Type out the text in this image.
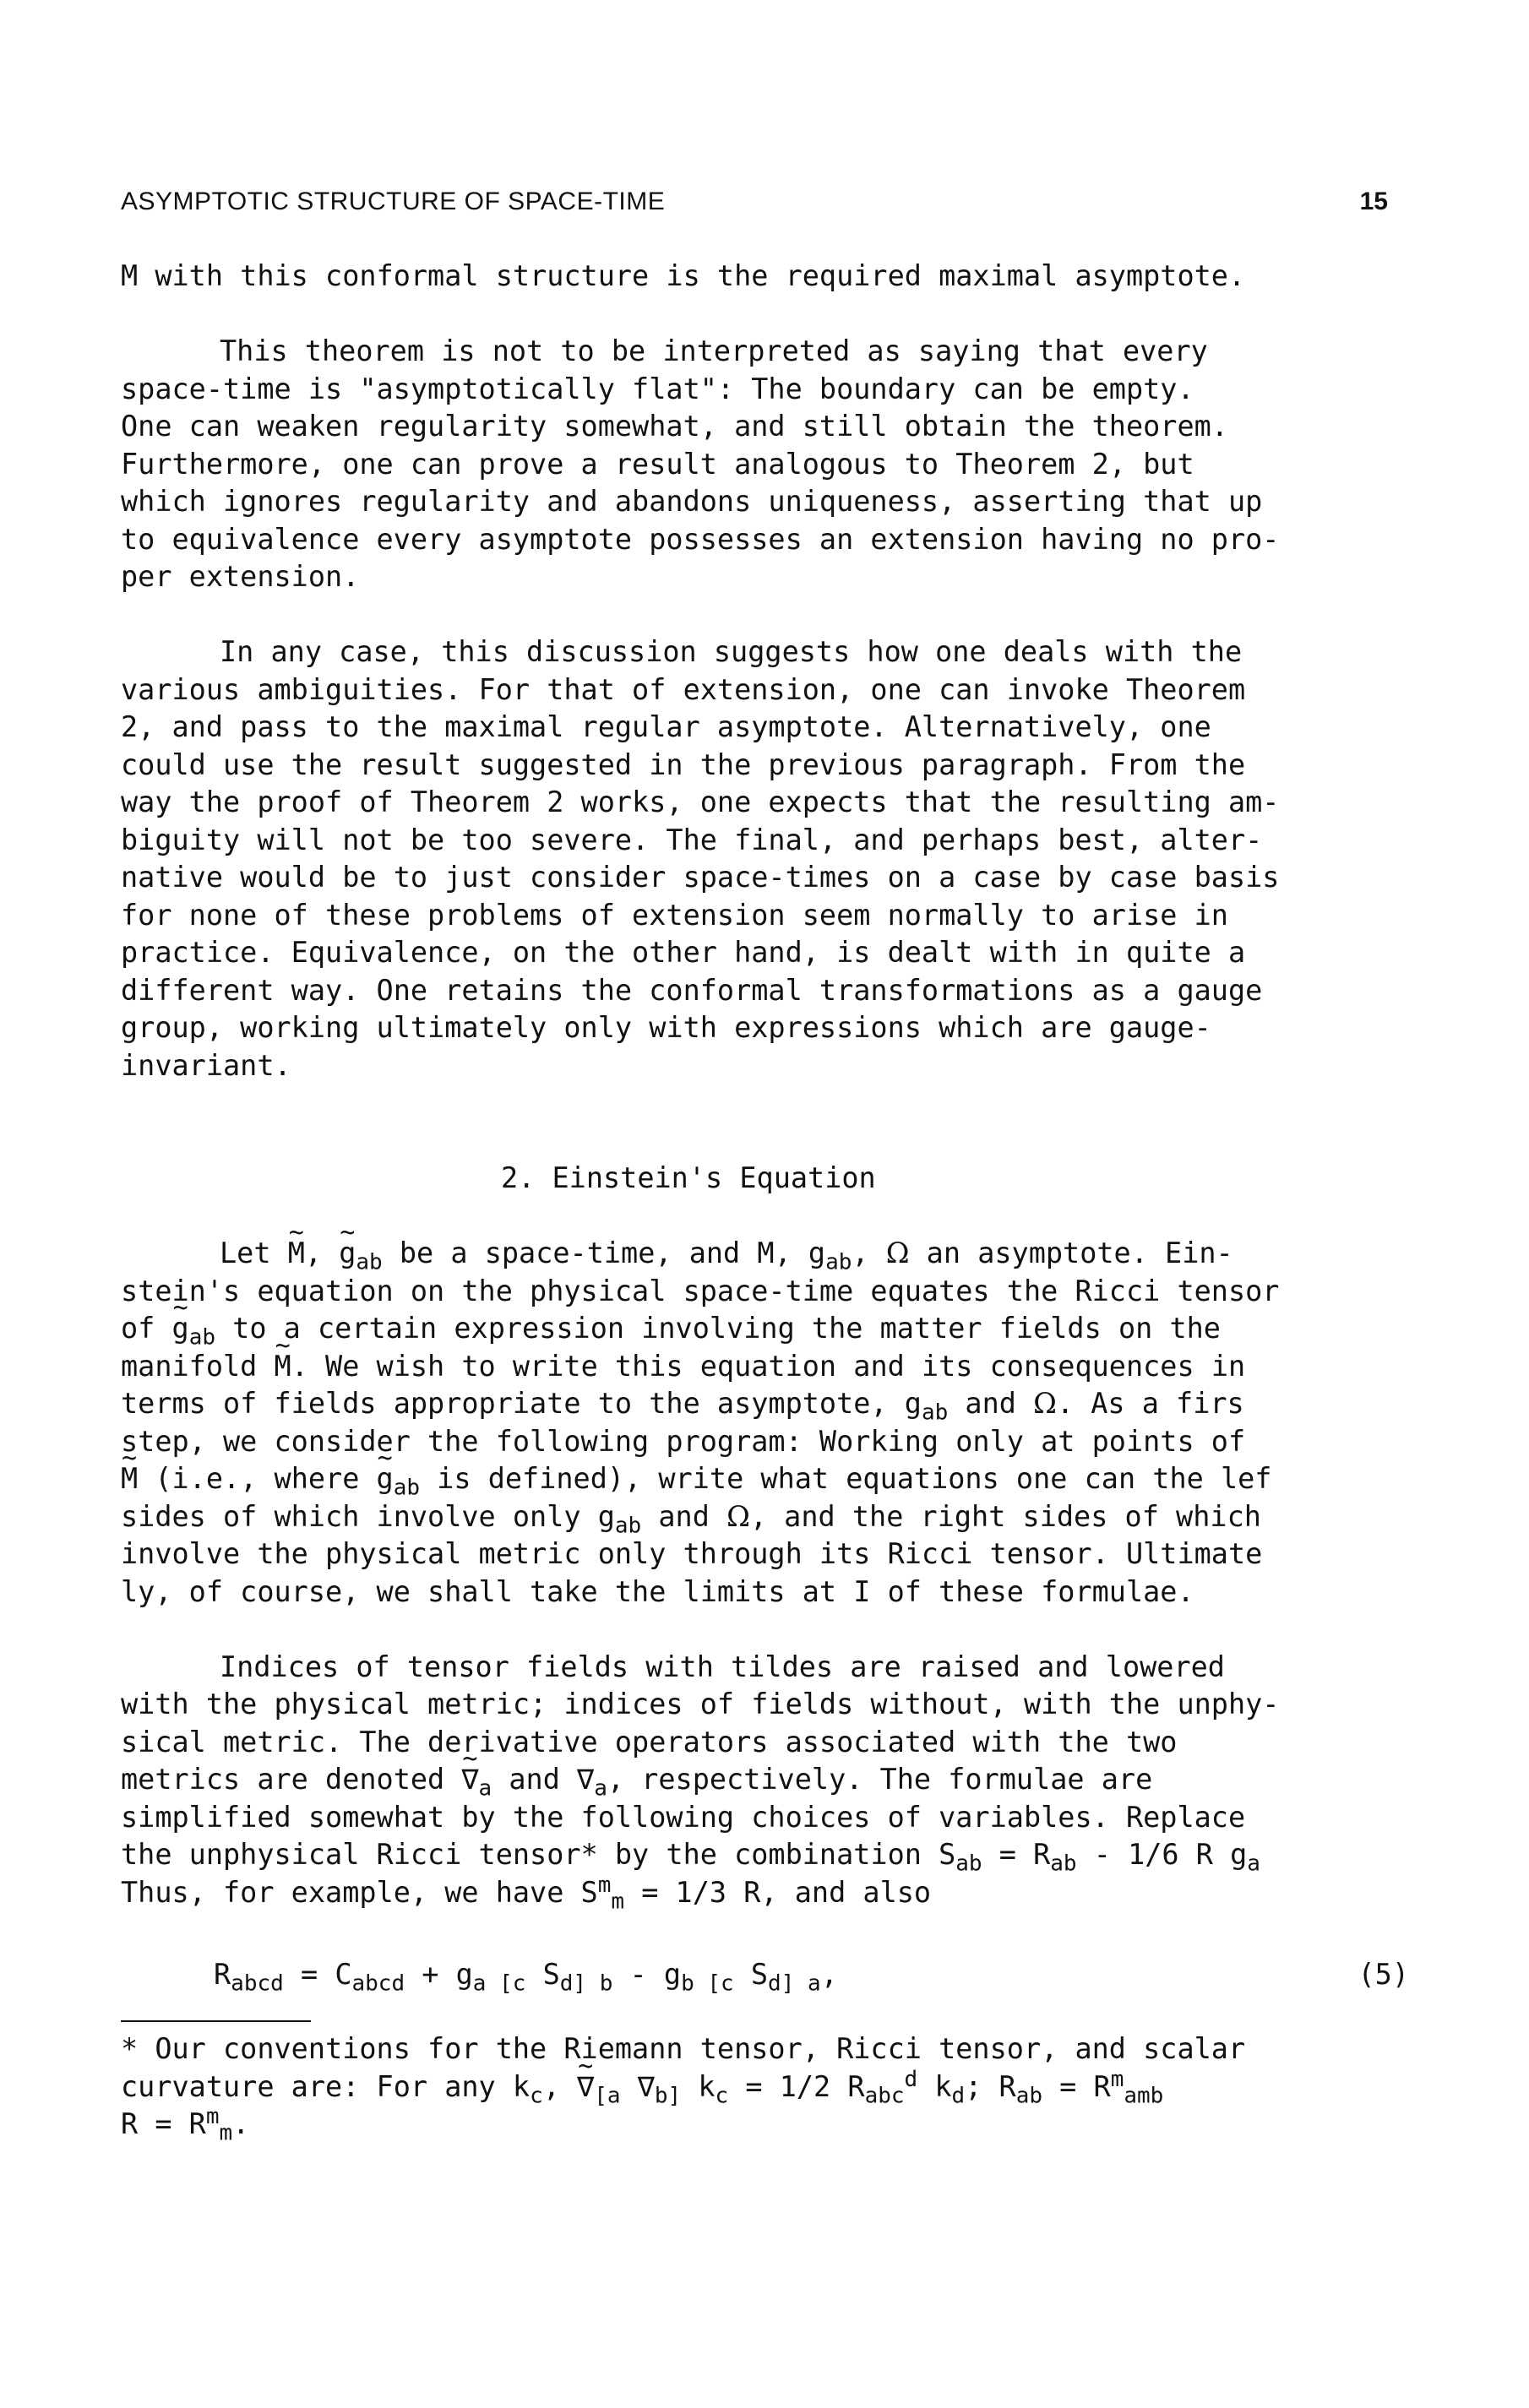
ASYMPTOTIC STRUCTURE OF SPACE-TIME	15
M with this conformal structure is the required maximal asymptote.
This theorem is not to be interpreted as saying that every
space-time is "asymptotically flat": The boundary can be empty.
One can weaken regularity somewhat, and still obtain the theorem.
Furthermore, one can prove a result analogous to Theorem 2, but
which ignores regularity and abandons uniqueness, asserting that up
to equivalence every asymptote possesses an extension having no pro-
per extension.
In any case, this discussion suggests how one deals with the
various ambiguities. For that of extension, one can invoke Theorem
2, and pass to the maximal regular asymptote. Alternatively, one
could use the result suggested in the previous paragraph. From the
way the proof of Theorem 2 works, one expects that the resulting am-
biguity will not be too severe. The final, and perhaps best, alter-
native would be to just consider space-times on a case by case basis
for none of these problems of extension seem normally to arise in
practice. Equivalence, on the other hand, is dealt with in quite a
different way. One retains the conformal transformations as a gauge
group, working ultimately only with expressions which are gauge-
invariant.
2. Einstein's Equation
Let ~ M, ~ $g_{ab}$ be a space-time, and M, $g_{ab}$, Ω an asymptote. Ein-
stein's equation on the physical space-time equates the Ricci tensor
of ~ $g_{ab}$ to a certain expression involving the matter fields on the
manifold ~ M. We wish to write this equation and its consequences in
terms of fields appropriate to the asymptote, $g_{ab}$ and Ω. As a firs
step, we consider the following program: Working only at points of
~ M (i.e., where ~ $g_{ab}$ is defined), write what equations one can the lef
sides of which involve only $g_{ab}$ and Ω, and the right sides of which
involve the physical metric only through its Ricci tensor. Ultimate
ly, of course, we shall take the limits at I of these formulae.
Indices of tensor fields with tildes are raised and lowered
with the physical metric; indices of fields without, with the unphy-
sical metric. The derivative operators associated with the two
metrics are denoted ~ $\nabla_a$ and $\nabla_a$, respectively. The formulae are
simplified somewhat by the following choices of variables. Replace
the unphysical Ricci tensor* by the combination $S_{ab} = R_{ab} - 1/6$ R $g_a$
Thus, for example, we have $S^m_m = 1/3$ R, and also

$R_{abcd} = C_{abcd} + g_{a [c}$ $S_{d] b} - g_{b [c}$ $S_{d] a}$,

	(5)

* Our conventions for the Riemann tensor, Ricci tensor, and scalar
curvature are: For any $k_c$, ~ $\nabla_{[a}$ $\nabla_{b]}$ $k_c = 1/2$ $R_{abc}^d$ $k_d$; $R_{ab} = R^m_{amb}$
$R = R^m_m$.
